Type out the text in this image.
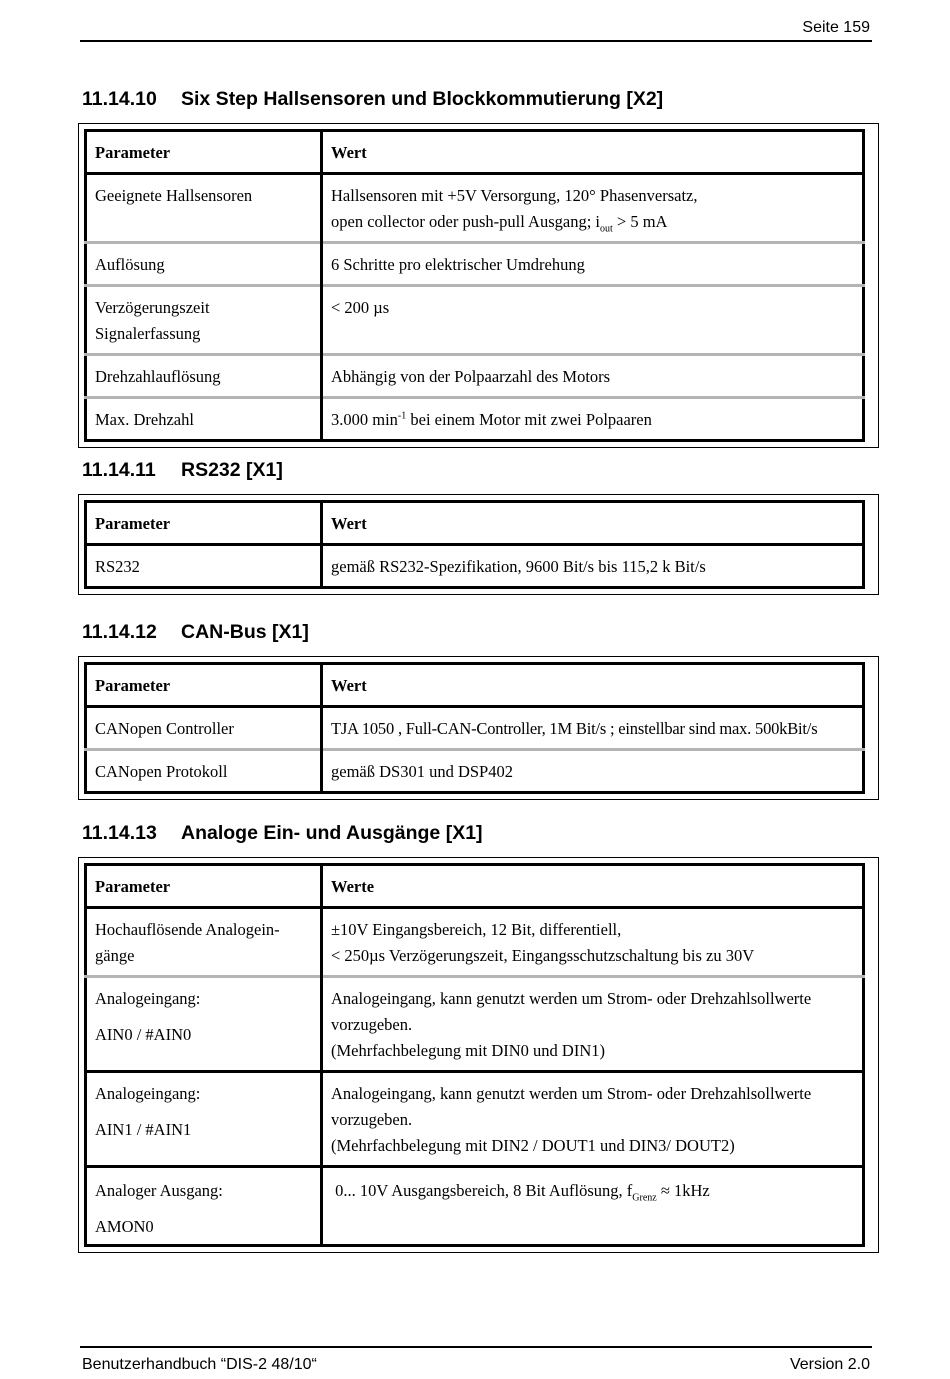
Seite 159
11.14.10 Six Step Hallsensoren und Blockkommutierung [X2]
Parameter	Wert
Geeignete Hallsensoren	Hallsensoren mit +5V Versorgung, 120° Phasenversatz,
open collector oder push-pull Ausgang; $i_{out} > 5$ mA

Auflösung	6 Schritte pro elektrischer Umdrehung

Verzögerungszeit
Signalerfassung	< 200 µs
Drehzahlauflösung	Abhängig von der Polpaarzahl des Motors
Max. Drehzahl	3.000 $\min^{-1}$ bei einem Motor mit zwei Polpaaren
11.14.11 RS232 [X1]
Parameter	Wert
RS232	gemäß RS232-Spezifikation, 9600 Bit/s bis 115,2 k Bit/s
11.14.12 CAN-Bus [X1]
Parameter	Wert
CANopen Controller	TJA 1050 , Full-CAN-Controller, 1M Bit/s ; einstellbar sind max. 500kBit/s
CANopen Protokoll	gemäß DS301 und DSP402
11.14.13 Analoge Ein- und Ausgänge [X1]
Parameter	Werte

Hochauflösende Analogein-
gänge	±10V Eingangsbereich, 12 Bit, differentiell,
< 250µs Verzögerungszeit, Eingangsschutzschaltung bis zu 30V

Analogeingang:
AIN0 / #AIN0	Analogeingang, kann genutzt werden um Strom- oder Drehzahlsollwerte
vorzugeben.
(Mehrfachbelegung mit DIN0 und DIN1)

Analogeingang:
AIN1 / #AIN1	Analogeingang, kann genutzt werden um Strom- oder Drehzahlsollwerte
vorzugeben.
(Mehrfachbelegung mit DIN2 / DOUT1 und DIN3/ DOUT2)

Analoger Ausgang:
AMON0	0... 10V Ausgangsbereich, 8 Bit Auflösung, $f_{Grenz} \approx 1kHz$
Benutzerhandbuch “DIS-2 48/10“	Version 2.0
